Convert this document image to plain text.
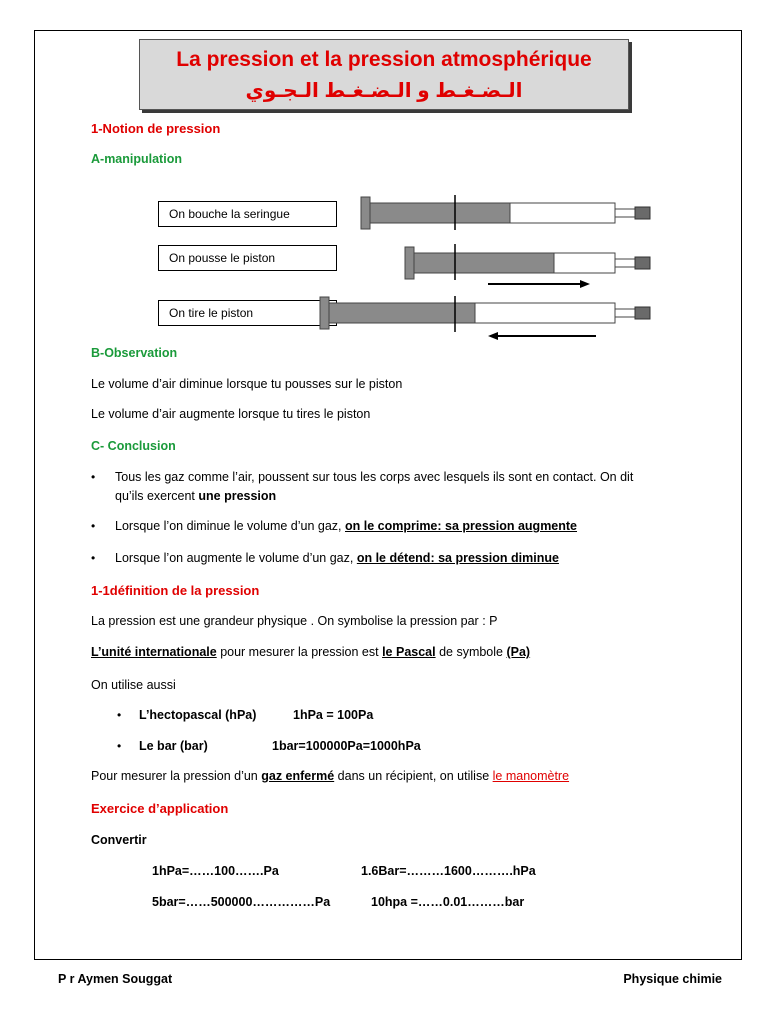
La pression et la pression atmosphérique
الـضـغـط و الـضـغـط الـجـوي
1-Notion de pression
A-manipulation
On bouche la seringue
On pousse le piston
On tire le piston
B-Observation
Le volume d’air diminue lorsque tu pousses sur le piston
Le volume d’air augmente lorsque tu tires le piston
C- Conclusion
• Tous les gaz comme l’air, poussent sur tous les corps avec lesquels ils sont en contact. On dit
qu’ils exercent une pression
• Lorsque l’on diminue le volume d’un gaz, on le comprime: sa pression augmente
• Lorsque l’on augmente le volume d’un gaz, on le détend: sa pression diminue
1-1définition de la pression
La pression est une grandeur physique . On symbolise la pression par : P
L’unité internationale pour mesurer la pression est le Pascal de symbole (Pa)
On utilise aussi
• L’hectopascal (hPa)	1hPa = 100Pa
• Le bar (bar)	1bar=100000Pa=1000hPa
Pour mesurer la pression d’un gaz enfermé dans un récipient, on utilise le manomètre
Exercice d’application
Convertir
1hPa=……100…….Pa	1.6Bar=………1600……….hPa
5bar=……500000……………Pa	10hpa =……0.01………bar
P r Aymen Souggat	Physique chimie
